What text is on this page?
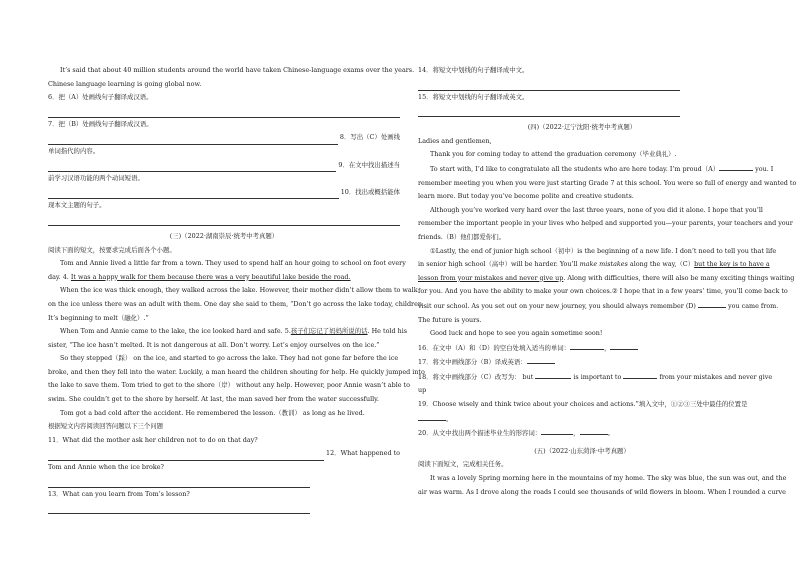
It’s said that about 40 million students around the world have taken Chinese-language exams over the years.

Chinese language learning is going global now.

6．把（A）处画线句子翻译成汉语。

7．把（B）处画线句子翻译成汉语。

8．写出（C）处画线

单词指代的内容。

9．在文中找出描述当

前学习汉语功能的两个动词短语。

10．找出或概括能体

现本文主题的句子。

(三)（2022·湖南崇辰·统考中考真题）

阅读下面的短文，按要求完成后面各个小题。

Tom and Annie lived a little far from a town. They used to spend half an hour going to school on foot every

day. 4. It was a happy walk for them because there was a very beautiful lake beside the road.

When the ice was thick enough, they walked across the lake. However, their mother didn’t allow them to walk

on the ice unless there was an adult with them. One day she said to them, “Don’t go across the lake today, children.

It’s beginning to melt（融化）.”

When Tom and Annie came to the lake, the ice looked hard and safe. 5.孩子们忘记了妈妈所说的话. He told his

sister, “The ice hasn’t melted. It is not dangerous at all. Don’t worry. Let’s enjoy ourselves on the ice.”

So they stepped（踩） on the ice, and started to go across the lake. They had not gone far before the ice

broke, and then they fell into the water. Luckily, a man heard the children shouting for help. He quickly jumped into

the lake to save them. Tom tried to get to the shore（岸） without any help. However, poor Annie wasn’t able to

swim. She couldn’t get to the shore by herself. At last, the man saved her from the water successfully.

Tom got a bad cold after the accident. He remembered the lesson.（教训） as long as he lived.

根据短文内容阅读回答问题以下三个问题

11．What did the mother ask her children not to do on that day?

12．What happened to

Tom and Annie when the ice broke?

13．What can you learn from Tom’s lesson?

14．将短文中划线的句子翻译成中文。

15．将短文中划线的句子翻译成英文。

(四)（2022·辽宁沈阳·统考中考真题）

Ladies and gentlemen,

Thank you for coming today to attend the graduation ceremony（毕业典礼）.

To start with, I’d like to congratulate all the students who are here today. I’m proud（A）	you. I

remember meeting you when you were just starting Grade 7 at this school. You were so full of energy and wanted to

learn more. But today you’ve become polite and creative students.

Although you’ve worked very hard over the last three years, none of you did it alone. I hope that you’ll

remember the important people in your lives who helped and supported you—your parents, your teachers and your

friends.（B）他们都爱你们。

①Lastly, the end of junior high school（初中）is the beginning of a new life. I don’t need to tell you that life

in senior high school（高中）will be harder. You’ll make mistakes along the way,（C）but the key is to have a

lesson from your mistakes and never give up. Along with difficulties, there will also be many exciting things waiting

for you. And you have the ability to make your own choices.② I hope that in a few years’ time, you’ll come back to

visit our school. As you set out on your new journey, you should always remember (D)	you came from.

The future is yours.

Good luck and hope to see you again sometime soon!

16．在文中（A）和（D）的空白处填入适当的单词：	，

17．将文中画线部分（B）译成英语：

18．将文中画线部分（C）改写为： but	is important to	from your mistakes and never give

up

19．Choose wisely and think twice about your choices and actions.”填入文中，①②③三处中最佳的位置是

。

20．从文中找出两个描述毕业生的形容词：	，	。

(五)（2022·山东菏泽·中考真题）

阅读下面短文，完成相关任务。

It was a lovely Spring morning here in the mountains of my home. The sky was blue, the sun was out, and the

air was warm. As I drove along the roads I could see thousands of wild flowers in bloom. When I rounded a curve
